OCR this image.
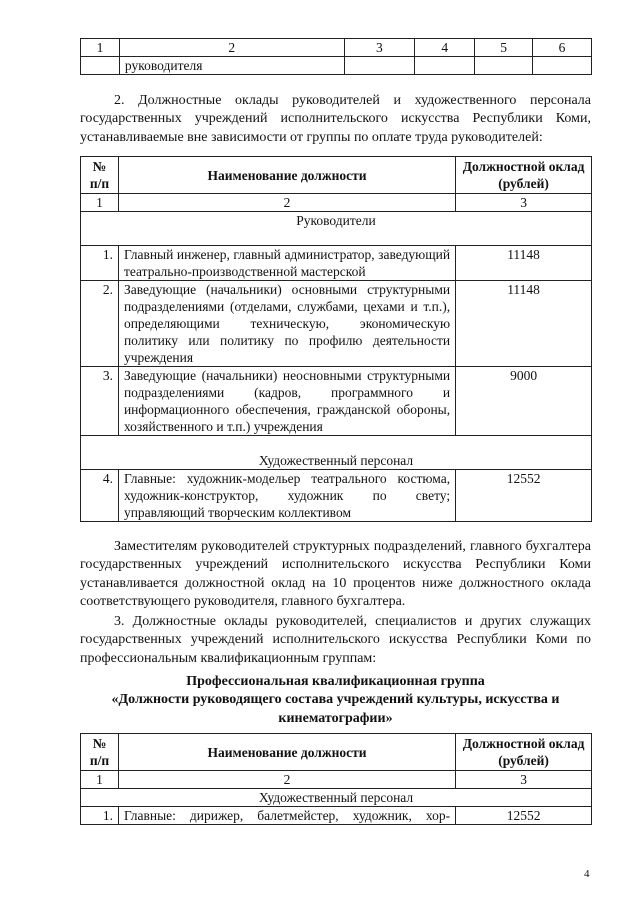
1	2	3	4	5	6
	руководителя				

2. Должностные оклады руководителей и художественного персонала государственных учреждений исполнительского искусства Республики Коми, устанавливаемые вне зависимости от группы по оплате труда руководителей:

№ п/п	Наименование должности	Должностной оклад (рублей)
1	2	3
Руководители		
1.	Главный инженер, главный администратор, заведующий театрально-производственной мастерской	11148
2.	Заведующие (начальники) основными структурными подразделениями (отделами, службами, цехами и т.п.), определяющими техническую, экономическую политику или политику по профилю деятельности учреждения	11148
3.	Заведующие (начальники) неосновными структурными подразделениями (кадров, программного и информационного обеспечения, гражданской обороны, хозяйственного и т.п.) учреждения	9000
Художественный персонал		
4.	Главные: художник-модельер театрального костюма, художник-конструктор, художник по свету; управляющий творческим коллективом	12552

Заместителям руководителей структурных подразделений, главного бухгалтера государственных учреждений исполнительского искусства Республики Коми устанавливается должностной оклад на 10 процентов ниже должностного оклада соответствующего руководителя, главного бухгалтера.

3. Должностные оклады руководителей, специалистов и других служащих государственных учреждений исполнительского искусства Республики Коми по профессиональным квалификационным группам:

Профессиональная квалификационная группа
«Должности руководящего состава учреждений культуры, искусства и кинематографии»

№ п/п	Наименование должности	Должностной оклад (рублей)
1	2	3
Художественный персонал		
1.	Главные: дирижер, балетмейстер, художник, хор-	12552
4
